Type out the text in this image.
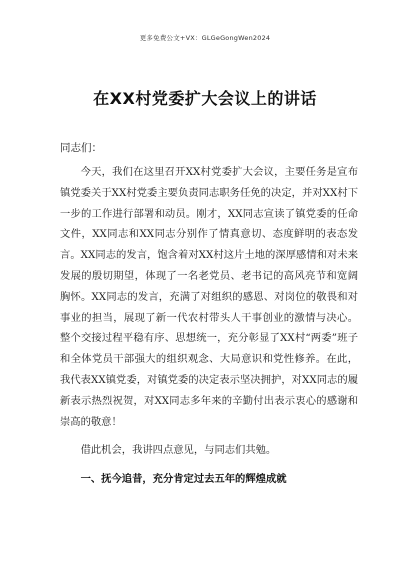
更多免费公文+VX：GLGeGongWen2024
在XX村党委扩大会议上的讲话
同志们：

今天，我们在这里召开XX村党委扩大会议，主要任务是宣布镇党委关于XX村党委主要负责同志职务任免的决定，并对XX村下一步的工作进行部署和动员。刚才，XX同志宣读了镇党委的任命文件，XX同志和XX同志分别作了情真意切、态度鲜明的表态发言。XX同志的发言，饱含着对XX村这片土地的深厚感情和对未来发展的殷切期望，体现了一名老党员、老书记的高风亮节和宽阔胸怀。XX同志的发言，充满了对组织的感恩、对岗位的敬畏和对事业的担当，展现了新一代农村带头人干事创业的激情与决心。整个交接过程平稳有序、思想统一，充分彰显了XX村“两委”班子和全体党员干部强大的组织观念、大局意识和党性修养。在此，我代表XX镇党委，对镇党委的决定表示坚决拥护，对XX同志的履新表示热烈祝贺，对XX同志多年来的辛勤付出表示衷心的感谢和崇高的敬意！

借此机会，我讲四点意见，与同志们共勉。

一、抚今追昔，充分肯定过去五年的辉煌成就
